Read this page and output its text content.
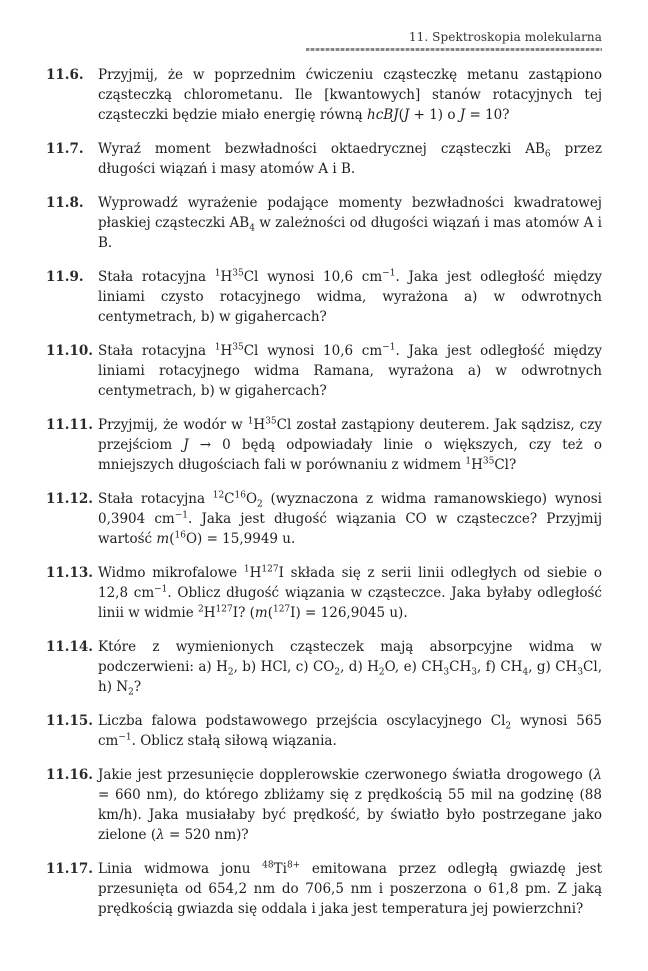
11. Spektroskopia molekularna
11.6.	Przyjmij, że w poprzednim ćwiczeniu cząsteczkę metanu zastąpiono cząsteczką chlorometanu. Ile [kwantowych] stanów rotacyjnych tej cząsteczki będzie miało energię równą hcBJ(J + 1) o J = 10?
11.7.	Wyraź moment bezwładności oktaedrycznej cząsteczki $AB_6$ przez długości wiązań i masy atomów A i B.
11.8.	Wyprowadź wyrażenie podające momenty bezwładności kwadratowej płaskiej cząsteczki $AB_4$ w zależności od długości wiązań i mas atomów A i B.
11.9.	Stała rotacyjna $^1H^{35}Cl$ wynosi 10,6 $cm^{-1}$. Jaka jest odległość między liniami czysto rotacyjnego widma, wyrażona a) w odwrotnych centymetrach, b) w gigahercach?
11.10. Stała rotacyjna $^1H^{35}Cl$ wynosi 10,6 $cm^{-1}$. Jaka jest odległość między liniami rotacyjnego widma Ramana, wyrażona a) w odwrotnych centymetrach, b) w gigahercach?
11.11. Przyjmij, że wodór w $^1H^{35}Cl$ został zastąpiony deuterem. Jak sądzisz, czy przejściom J → 0 będą odpowiadały linie o większych, czy też o mniejszych długościach fali w porównaniu z widmem $^1H^{35}Cl$?
11.12. Stała rotacyjna $^{12}C^{16}O_2$ (wyznaczona z widma ramanowskiego) wynosi 0,3904 $cm^{-1}$. Jaka jest długość wiązania CO w cząsteczce? Przyjmij wartość m($^{16}$O) = 15,9949 u.
11.13. Widmo mikrofalowe $^1H^{127}I$ składa się z serii linii odległych od siebie o 12,8 $cm^{-1}$. Oblicz długość wiązania w cząsteczce. Jaka byłaby odległość linii w widmie $^2H^{127}I$? (m($^{127}$I) = 126,9045 u).
11.14. Które z wymienionych cząsteczek mają absorpcyjne widma w podczerwieni: a) $H_2$, b) HCl, c) $CO_2$, d) $H_2O$, e) $CH_3CH_3$, f) $CH_4$, g) $CH_3Cl$, h) $N_2$?
11.15. Liczba falowa podstawowego przejścia oscylacyjnego $Cl_2$ wynosi 565 $cm^{-1}$. Oblicz stałą siłową wiązania.
11.16. Jakie jest przesunięcie dopplerowskie czerwonego światła drogowego (λ = 660 nm), do którego zbliżamy się z prędkością 55 mil na godzinę (88 km/h). Jaka musiałaby być prędkość, by światło było postrzegane jako zielone (λ = 520 nm)?
11.17. Linia widmowa jonu $^{48}Ti^{8+}$ emitowana przez odległą gwiazdę jest przesunięta od 654,2 nm do 706,5 nm i poszerzona o 61,8 pm. Z jaką prędkością gwiazda się oddala i jaka jest temperatura jej powierzchni?
